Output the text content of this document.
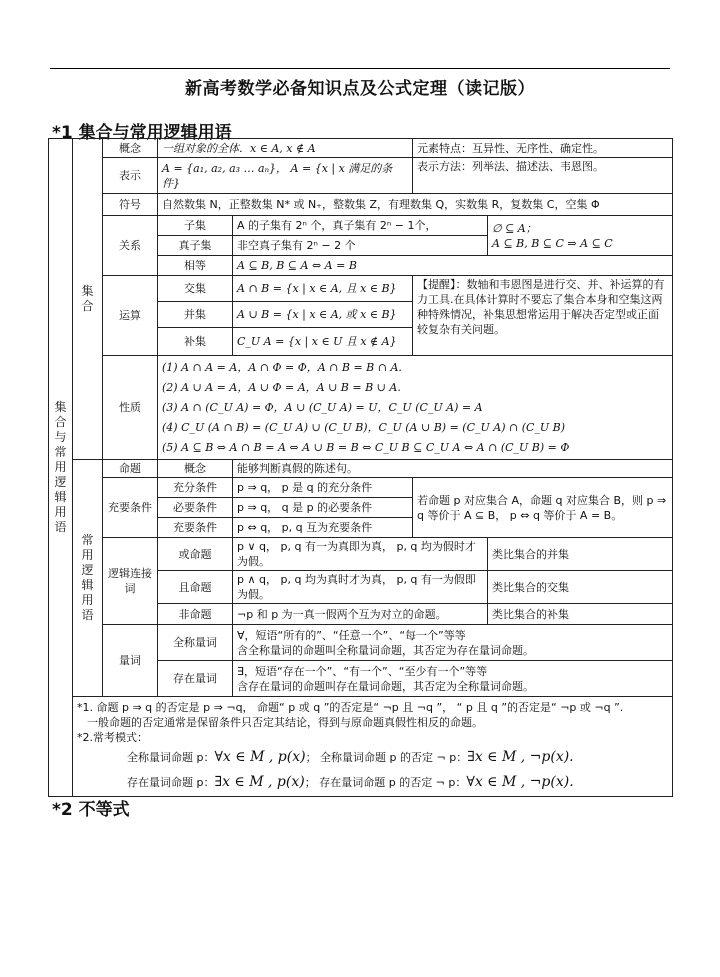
新高考数学必备知识点及公式定理（读记版）
*1 集合与常用逻辑用语
集合与常用逻辑用语	集合	概念	一组对象的全体．x ∈ A, x ∉ A		元素特点：互异性、无序性、确定性。	
		表示	A = {a₁, a₂, a₃ … aₙ}， A = {x | x 满足的条件}		表示方法：列举法、描述法、韦恩图。	
		符号	自然数集 N，正整数集 N* 或 N₊，整数集 Z，有理数集 Q，实数集 R，复数集 C，空集 Φ			
		关系	子集	A 的子集有 2ⁿ 个，真子集有 2ⁿ − 1个，		∅ ⊆ A；
A ⊆ B, B ⊆ C ⇒ A ⊆ C

			真子集	非空真子集有 2ⁿ − 2 个		
			相等	A ⊆ B, B ⊆ A ⇔ A = B		
		运算	交集	A ∩ B = {x | x ∈ A, 且 x ∈ B}	【提醒】：数轴和韦恩图是进行交、并、补运算的有力工具.在具体计算时不要忘了集合本身和空集这两种特殊情况，补集思想常运用于解决否定型或正面较复杂有关问题。	
			并集	A ∪ B = {x | x ∈ A, 或 x ∈ B}		
			补集	C_U A = {x | x ∈ U 且 x ∉ A}		
		性质	(1) A ∩ A = A，A ∩ Φ = Φ，A ∩ B = B ∩ A.
(2) A ∪ A = A，A ∪ Φ = A，A ∪ B = B ∪ A.
(3) A ∩ (C_U A) = Φ，A ∪ (C_U A) = U，C_U (C_U A) = A
(4) C_U (A ∩ B) = (C_U A) ∪ (C_U B)，C_U (A ∪ B) = (C_U A) ∩ (C_U B)
(5) A ⊆ B ⇔ A ∩ B = A ⇔ A ∪ B = B ⇔ C_U B ⊆ C_U A ⇔ A ∩ (C_U B) = Φ			

	常用逻辑用语	命题	概念	能够判断真假的陈述句。		
		充要条件	充分条件	p ⇒ q， p 是 q 的充分条件	若命题 p 对应集合 A，命题 q 对应集合 B，则 p ⇒ q 等价于 A ⊆ B， p ⇔ q 等价于 A = B。	
			必要条件	p ⇒ q， q 是 p 的必要条件		
			充要条件	p ⇔ q， p, q 互为充要条件		
		逻辑连接词	或命题	p ∨ q， p, q 有一为真即为真， p, q 均为假时才为假。		类比集合的并集
			且命题	p ∧ q， p, q 均为真时才为真， p, q 有一为假即为假。		类比集合的交集
			非命题	¬p 和 p 为一真一假两个互为对立的命题。		类比集合的补集
		量词	全称量词	∀，短语“所有的”、“任意一个”、“每一个”等等
含全称量词的命题叫全称量词命题，其否定为存在量词命题。		

			存在量词	∃，短语“存在一个”、“有一个”、“至少有一个”等等
含存在量词的命题叫存在量词命题，其否定为全称量词命题。		

	*1. 命题 p ⇒ q 的否定是 p ⇒ ¬q， 命题“ p 或 q ”的否定是“ ¬p 且 ¬q ”， “ p 且 q ”的否定是“ ¬p 或 ¬q ”.
一般命题的否定通常是保留条件只否定其结论，得到与原命题真假性相反的命题。
*2.常考模式：
全称量词命题 p：∀x ∈ M , p(x)； 全称量词命题 p 的否定 ¬ p：∃x ∈ M , ¬p(x).
存在量词命题 p：∃x ∈ M , p(x)； 存在量词命题 p 的否定 ¬ p：∀x ∈ M , ¬p(x).					
*2 不等式
